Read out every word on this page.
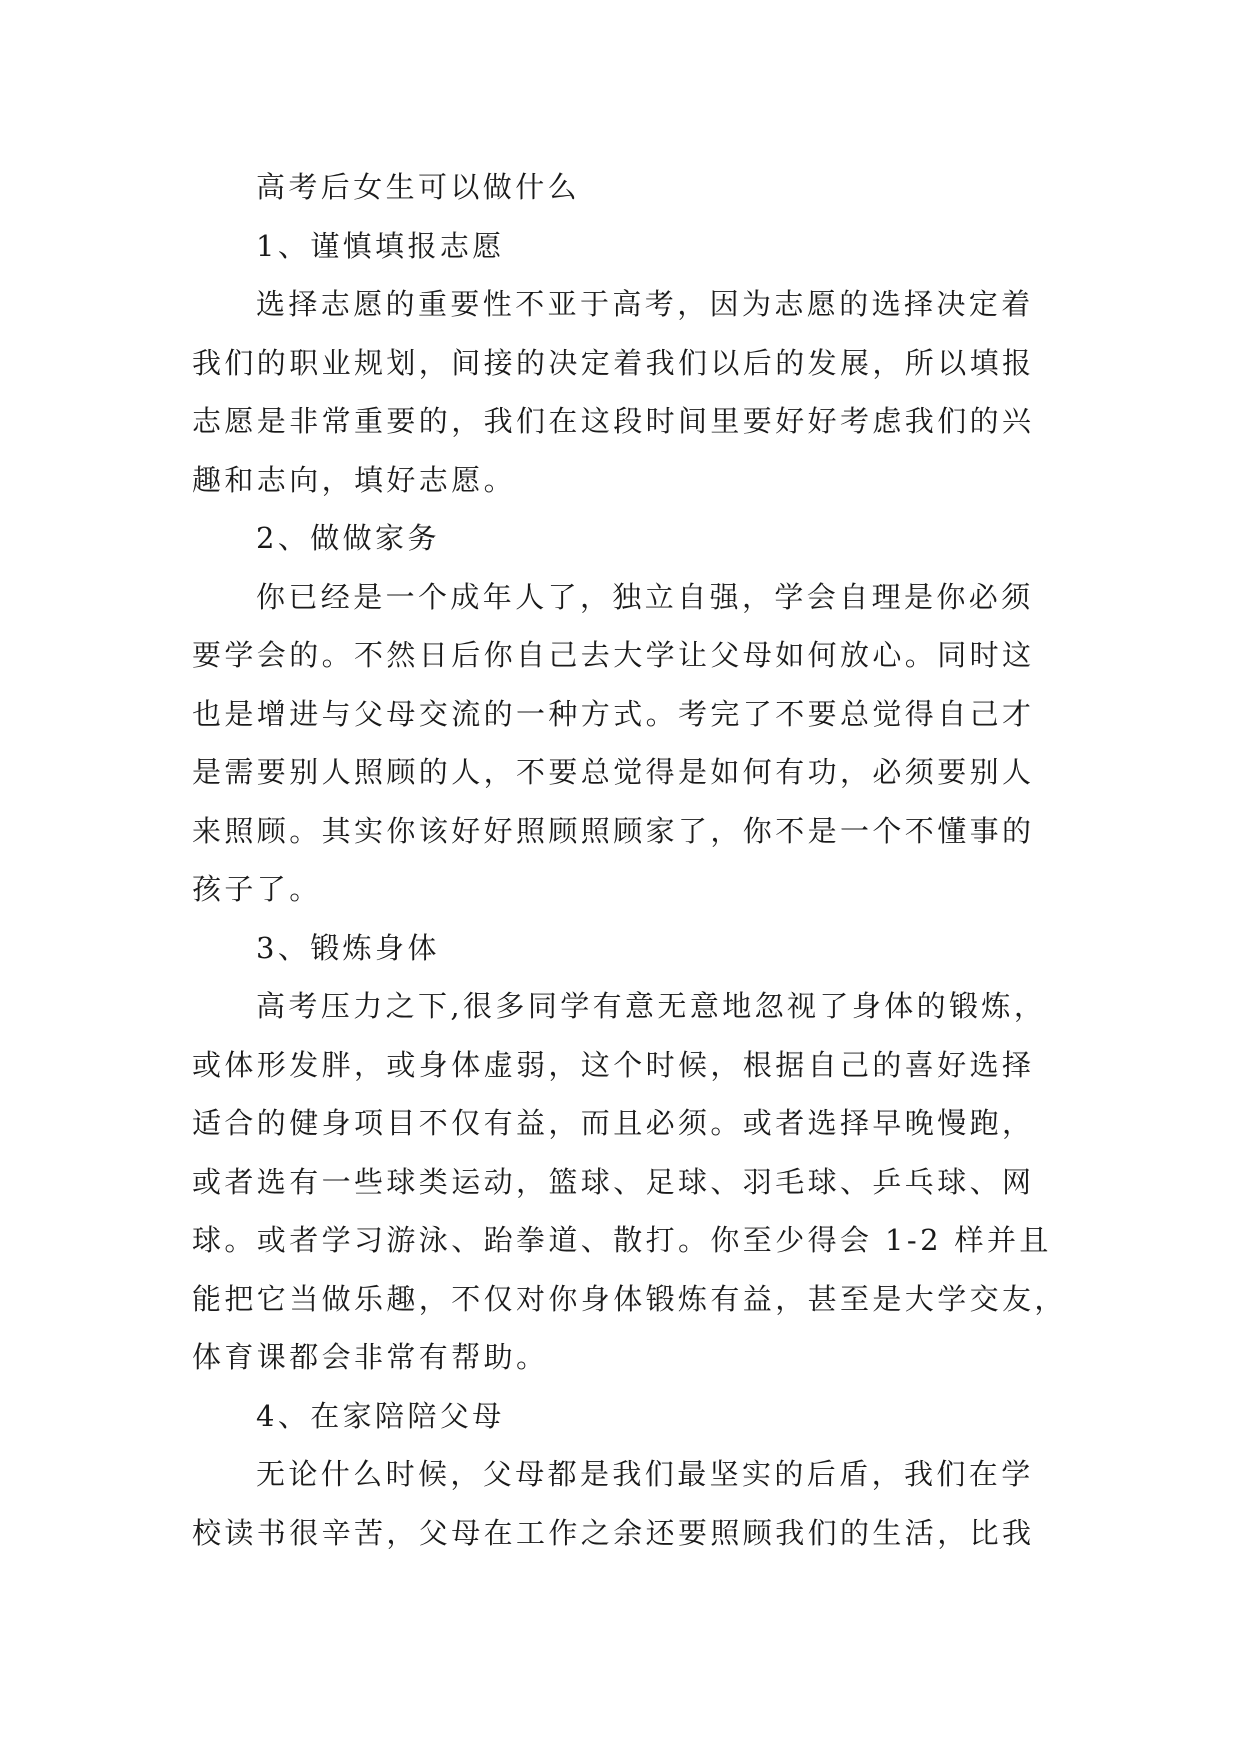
高考后女生可以做什么
1、谨慎填报志愿
选择志愿的重要性不亚于高考，因为志愿的选择决定着
我们的职业规划，间接的决定着我们以后的发展，所以填报
志愿是非常重要的，我们在这段时间里要好好考虑我们的兴
趣和志向，填好志愿。
2、做做家务
你已经是一个成年人了，独立自强，学会自理是你必须
要学会的。不然日后你自己去大学让父母如何放心。同时这
也是增进与父母交流的一种方式。考完了不要总觉得自己才
是需要别人照顾的人，不要总觉得是如何有功，必须要别人
来照顾。其实你该好好照顾照顾家了，你不是一个不懂事的
孩子了。
3、锻炼身体
高考压力之下,很多同学有意无意地忽视了身体的锻炼，
或体形发胖，或身体虚弱，这个时候，根据自己的喜好选择
适合的健身项目不仅有益，而且必须。或者选择早晚慢跑，
或者选有一些球类运动，篮球、足球、羽毛球、乒乓球、网
球。或者学习游泳、跆拳道、散打。你至少得会 1-2 样并且
能把它当做乐趣，不仅对你身体锻炼有益，甚至是大学交友，
体育课都会非常有帮助。
4、在家陪陪父母
无论什么时候，父母都是我们最坚实的后盾，我们在学
校读书很辛苦，父母在工作之余还要照顾我们的生活，比我
